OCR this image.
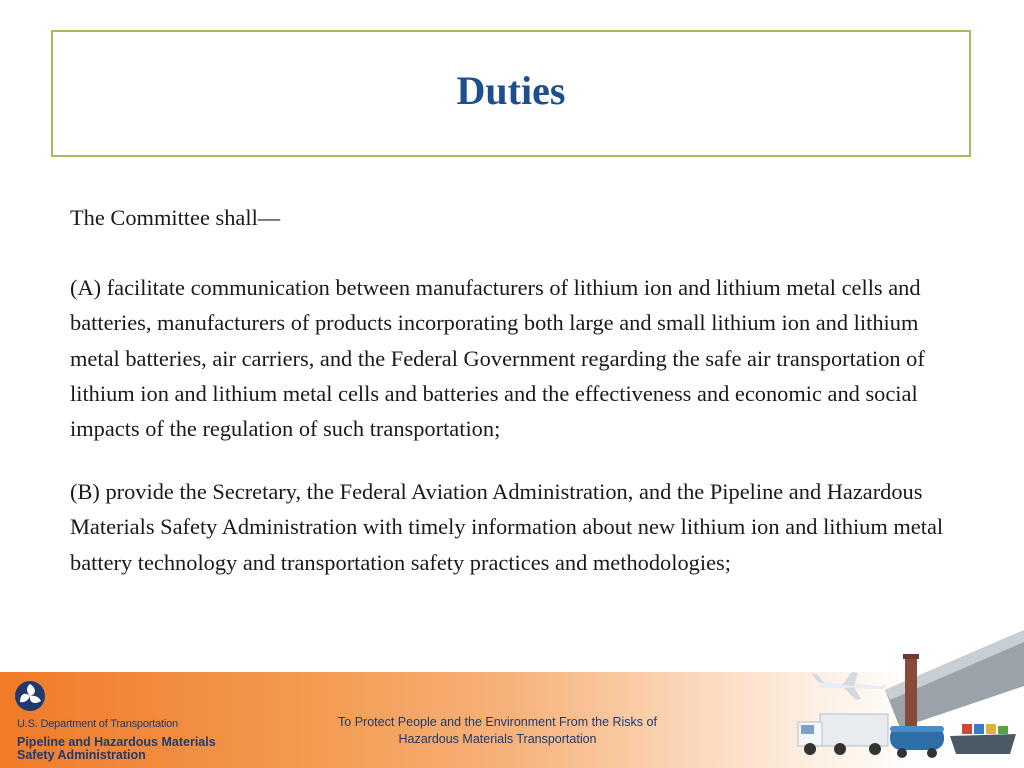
Duties

The Committee shall—

(A) facilitate communication between manufacturers of lithium ion and lithium metal cells and batteries, manufacturers of products incorporating both large and small lithium ion and lithium metal batteries, air carriers, and the Federal Government regarding the safe air transportation of lithium ion and lithium metal cells and batteries and the effectiveness and economic and social impacts of the regulation of such transportation;

(B) provide the Secretary, the Federal Aviation Administration, and the Pipeline and Hazardous Materials Safety Administration with timely information about new lithium ion and lithium metal battery technology and transportation safety practices and methodologies;

U.S. Department of Transportation
Pipeline and Hazardous Materials Safety Administration
To Protect People and the Environment From the Risks of
Hazardous Materials Transportation
